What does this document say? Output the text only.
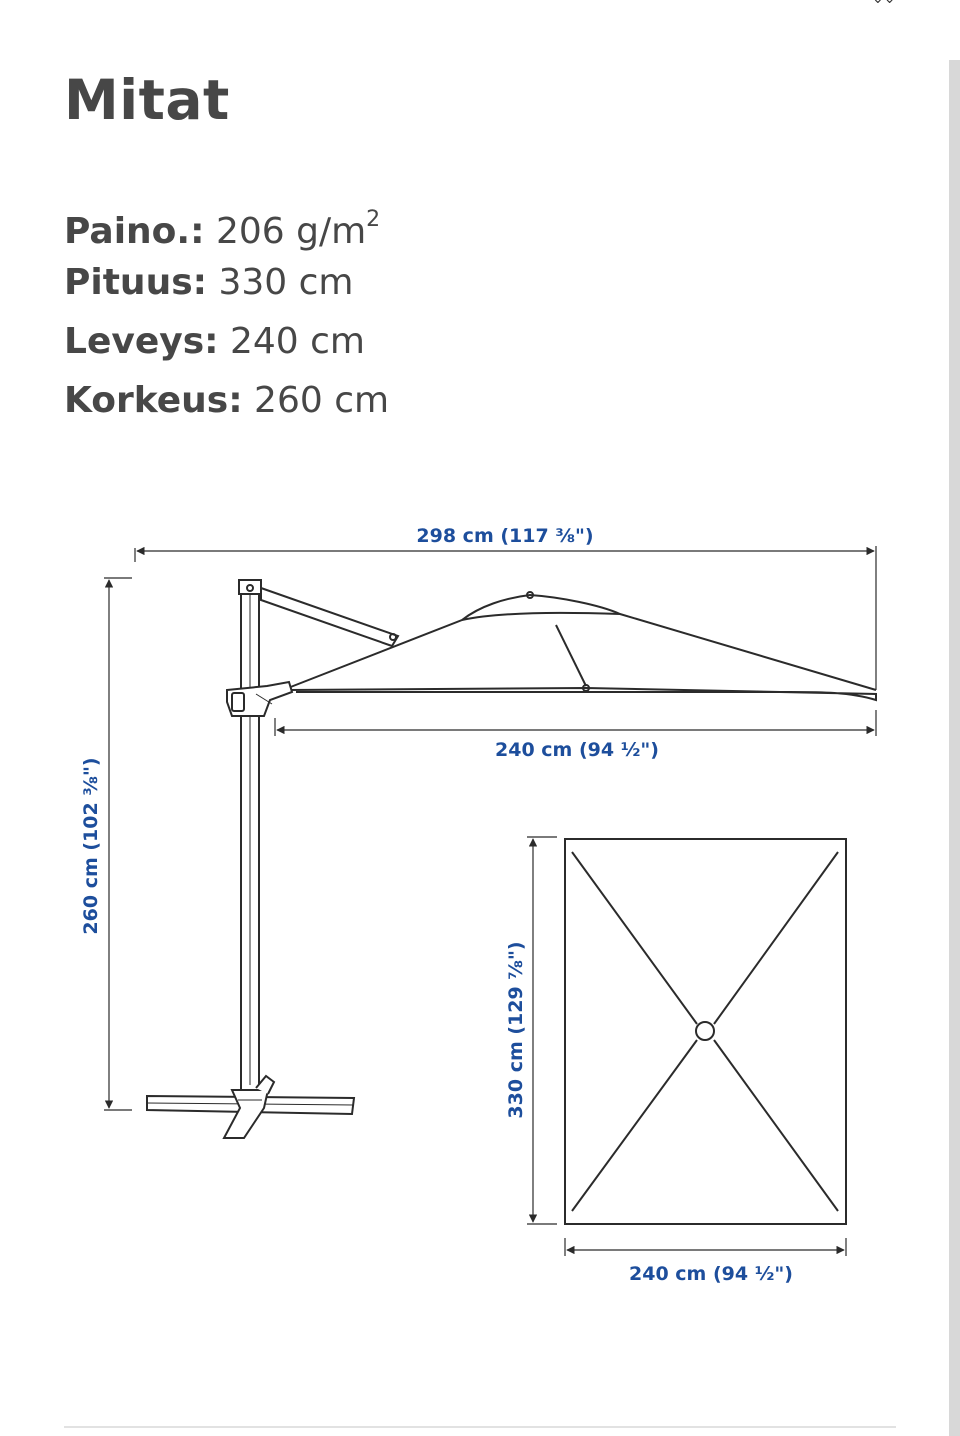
Mitat
Paino.: 206 $g/m^2$
Pituus: 330 cm
Leveys: 240 cm
Korkeus: 260 cm
298 cm (117 ⅜")
240 cm (94 ½")
260 cm (102 ⅜")
330 cm (129 ⅞")
240 cm (94 ½")
